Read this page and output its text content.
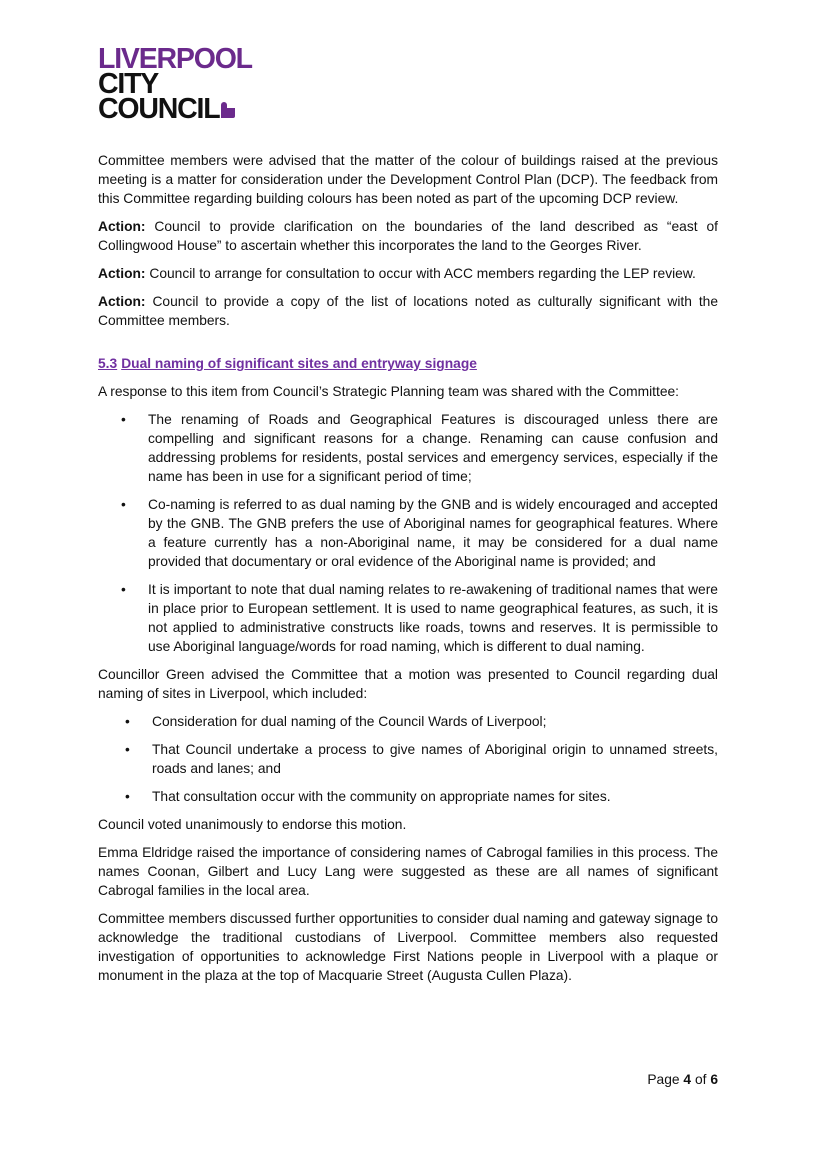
LIVERPOOL
CITY
COUNCIL

Committee members were advised that the matter of the colour of buildings raised at the previous meeting is a matter for consideration under the Development Control Plan (DCP). The feedback from this Committee regarding building colours has been noted as part of the upcoming DCP review.

Action: Council to provide clarification on the boundaries of the land described as “east of Collingwood House” to ascertain whether this incorporates the land to the Georges River.

Action: Council to arrange for consultation to occur with ACC members regarding the LEP review.

Action: Council to provide a copy of the list of locations noted as culturally significant with the Committee members.

5.3 Dual naming of significant sites and entryway signage

A response to this item from Council’s Strategic Planning team was shared with the Committee:

• The renaming of Roads and Geographical Features is discouraged unless there are compelling and significant reasons for a change. Renaming can cause confusion and addressing problems for residents, postal services and emergency services, especially if the name has been in use for a significant period of time;
• Co-naming is referred to as dual naming by the GNB and is widely encouraged and accepted by the GNB. The GNB prefers the use of Aboriginal names for geographical features. Where a feature currently has a non-Aboriginal name, it may be considered for a dual name provided that documentary or oral evidence of the Aboriginal name is provided; and
• It is important to note that dual naming relates to re-awakening of traditional names that were in place prior to European settlement. It is used to name geographical features, as such, it is not applied to administrative constructs like roads, towns and reserves. It is permissible to use Aboriginal language/words for road naming, which is different to dual naming.

Councillor Green advised the Committee that a motion was presented to Council regarding dual naming of sites in Liverpool, which included:

• Consideration for dual naming of the Council Wards of Liverpool;
• That Council undertake a process to give names of Aboriginal origin to unnamed streets, roads and lanes; and
• That consultation occur with the community on appropriate names for sites.

Council voted unanimously to endorse this motion.

Emma Eldridge raised the importance of considering names of Cabrogal families in this process. The names Coonan, Gilbert and Lucy Lang were suggested as these are all names of significant Cabrogal families in the local area.

Committee members discussed further opportunities to consider dual naming and gateway signage to acknowledge the traditional custodians of Liverpool. Committee members also requested investigation of opportunities to acknowledge First Nations people in Liverpool with a plaque or monument in the plaza at the top of Macquarie Street (Augusta Cullen Plaza).

Page 4 of 6
